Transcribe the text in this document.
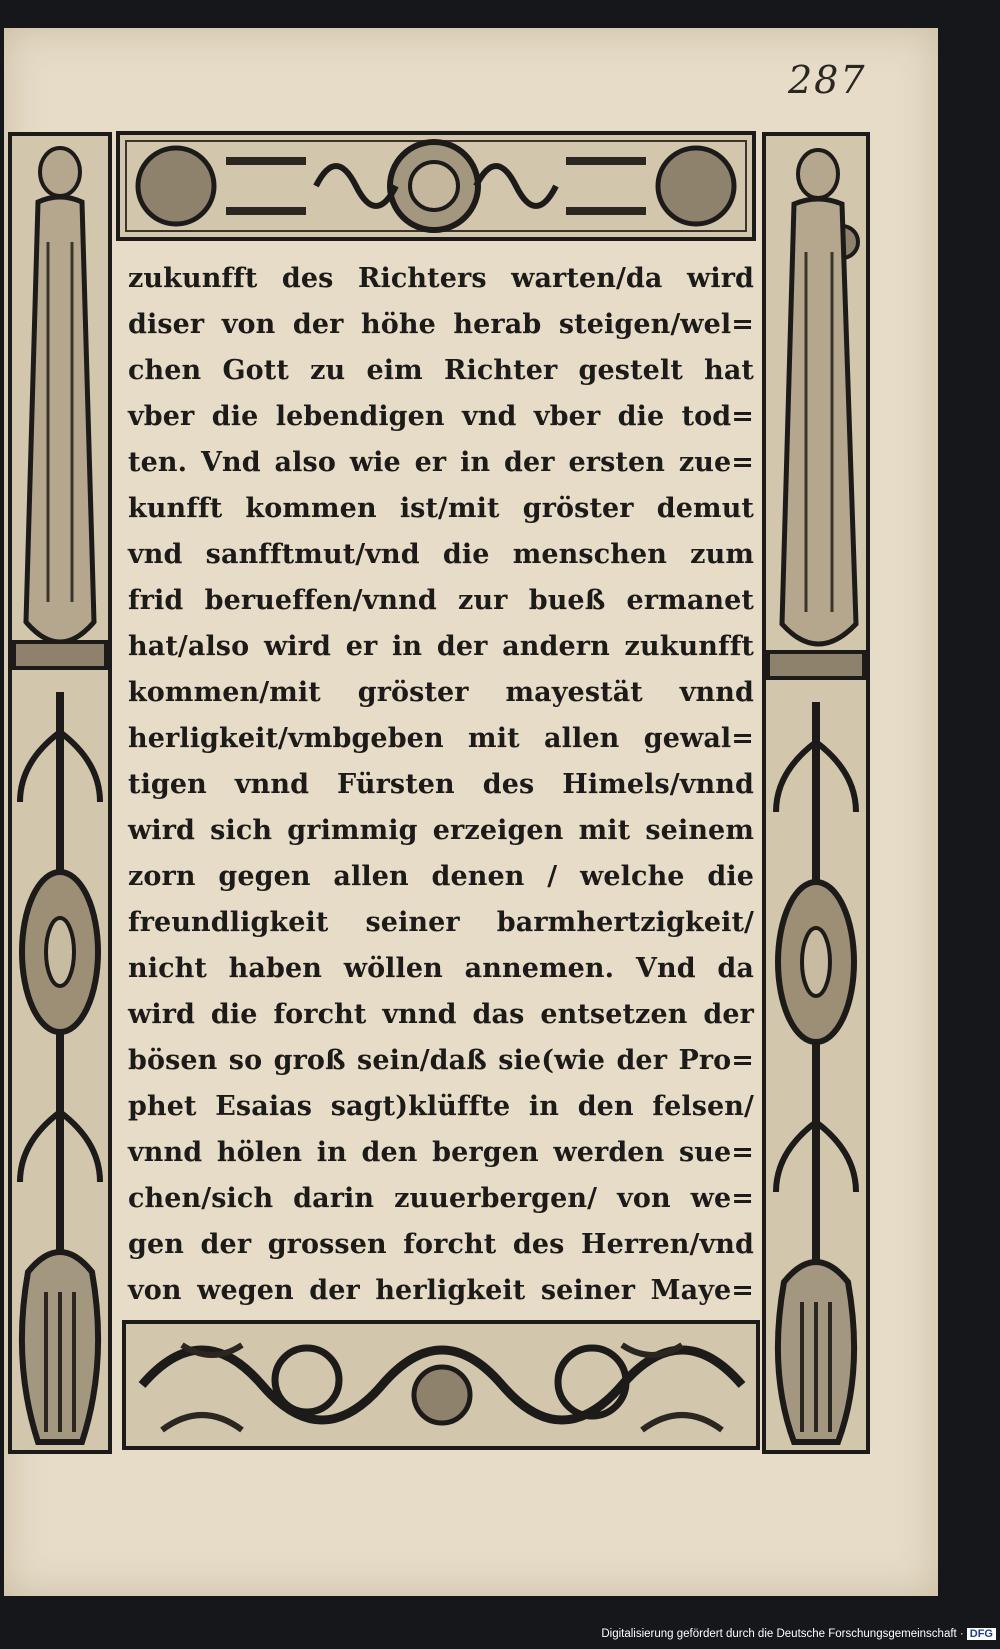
287
zukunfft des Richters warten/da wird
diser von der höhe herab steigen/wel=
chen Gott zu eim Richter gestelt hat
vber die lebendigen vnd vber die tod=
ten. Vnd also wie er in der ersten zue=
kunfft kommen ist/mit gröster demut
vnd sanfftmut/vnd die menschen zum
frid berueffen/vnnd zur bueß ermanet
hat/also wird er in der andern zukunfft
kommen/mit gröster mayestät vnnd
herligkeit/vmbgeben mit allen gewal=
tigen vnnd Fürsten des Himels/vnnd
wird sich grimmig erzeigen mit seinem
zorn gegen allen denen / welche die
freundligkeit seiner barmhertzigkeit/
nicht haben wöllen annemen. Vnd da
wird die forcht vnnd das entsetzen der
bösen so groß sein/daß sie(wie der Pro=
phet Esaias sagt)klüffte in den felsen/
vnnd hölen in den bergen werden sue=
chen/sich darin zuuerbergen/ von we=
gen der grossen forcht des Herren/vnd
von wegen der herligkeit seiner Maye=
Digitalisierung gefördert durch die Deutsche Forschungsgemeinschaft · DFG
